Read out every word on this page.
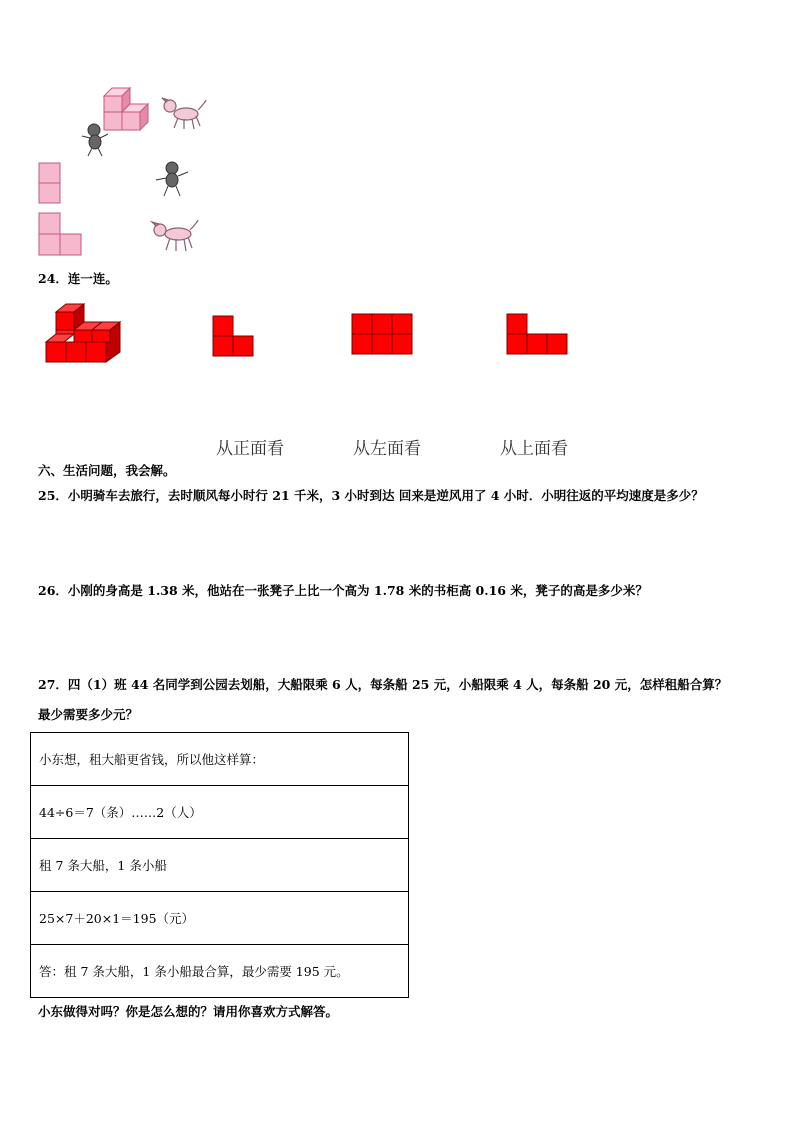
24．连一连。
从正面看	从左面看	从上面看
六、生活问题，我会解。
25．小明骑车去旅行，去时顺风每小时行 21 千米，3 小时到达 回来是逆风用了 4 小时．小明往返的平均速度是多少？
26．小刚的身高是 1.38 米，他站在一张凳子上比一个高为 1.78 米的书柜高 0.16 米，凳子的高是多少米？
27．四（1）班 44 名同学到公园去划船，大船限乘 6 人，每条船 25 元，小船限乘 4 人，每条船 20 元，怎样租船合算？
最少需要多少元？
小东想，租大船更省钱，所以他这样算：
44÷6＝7（条）……2（人）
租 7 条大船，1 条小船
25×7＋20×1＝195（元）
答：租 7 条大船，1 条小船最合算，最少需要 195 元。
小东做得对吗？你是怎么想的？请用你喜欢方式解答。
